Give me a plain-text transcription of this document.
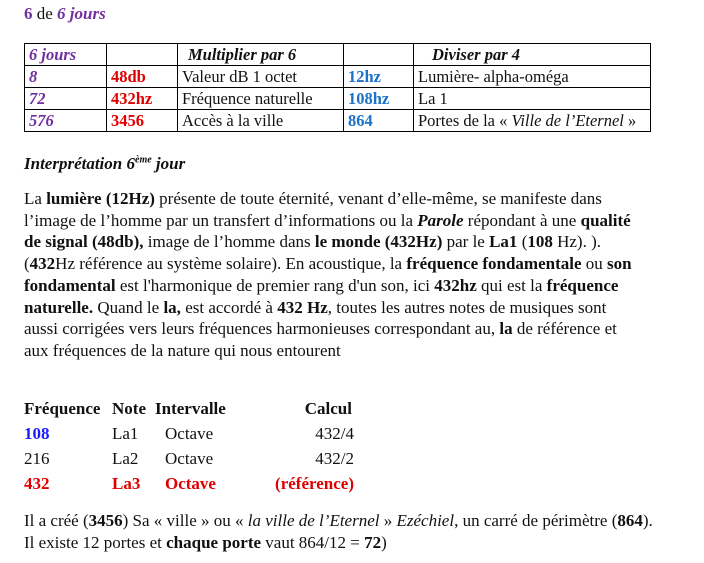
6 de 6 jours
6 jours		Multiplier par 6		Diviser par 4
8	48db	Valeur dB 1 octet	12hz	Lumière- alpha-oméga
72	432hz	Fréquence naturelle	108hz	La 1
576	3456	Accès à la ville	864	Portes de la « Ville de l’Eternel »
Interprétation 6ème jour
La lumière (12Hz) présente de toute éternité, venant d’elle-même, se manifeste dans l’image de l’homme par un transfert d’informations ou la Parole répondant à une qualité de signal (48db), image de l’homme dans le monde (432Hz) par le La1 (108 Hz). ). (432Hz référence au système solaire). En acoustique, la fréquence fondamentale ou son fondamental est l'harmonique de premier rang d'un son, ici 432hz qui est la fréquence naturelle. Quand le la, est accordé à 432 Hz, toutes les autres notes de musiques sont aussi corrigées vers leurs fréquences harmonieuses correspondant au, la de référence et aux fréquences de la nature qui nous entourent
Fréquence	Note	Intervalle	Calcul
108	La1	Octave	432/4
216	La2	Octave	432/2
432	La3	Octave	(référence)
Il a créé (3456) Sa « ville » ou « la ville de l’Eternel » Ezéchiel, un carré de périmètre (864). Il existe 12 portes et chaque porte vaut 864/12 = 72)
